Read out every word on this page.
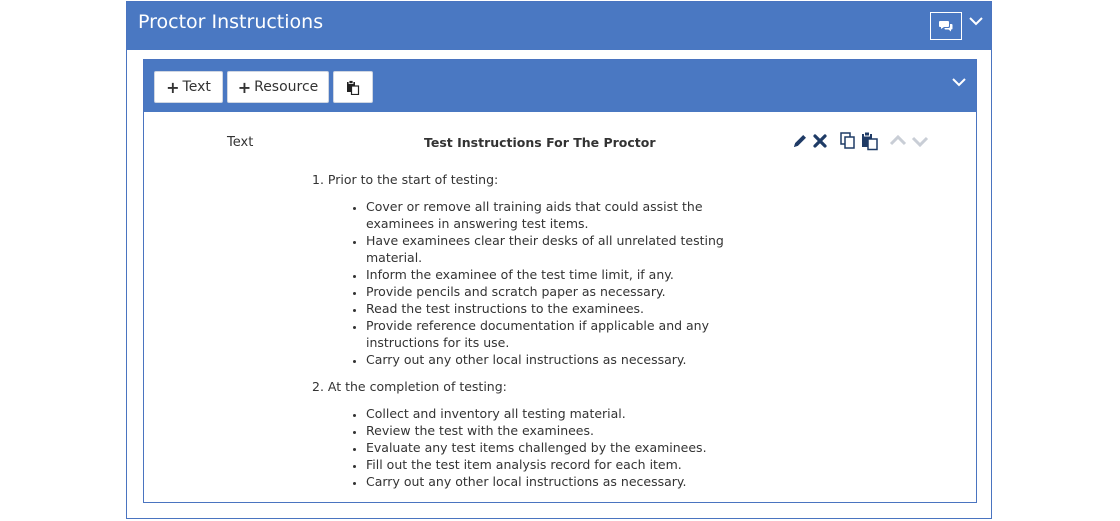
Proctor Instructions
+ Text + Resource
Text	Test Instructions For The Proctor

1. Prior to the start of testing:

• Cover or remove all training aids that could assist the examinees in answering test items.
• Have examinees clear their desks of all unrelated testing material.
• Inform the examinee of the test time limit, if any.
• Provide pencils and scratch paper as necessary.
• Read the test instructions to the examinees.
• Provide reference documentation if applicable and any instructions for its use.
• Carry out any other local instructions as necessary.

2. At the completion of testing:

• Collect and inventory all testing material.
• Review the test with the examinees.
• Evaluate any test items challenged by the examinees.
• Fill out the test item analysis record for each item.
• Carry out any other local instructions as necessary.
